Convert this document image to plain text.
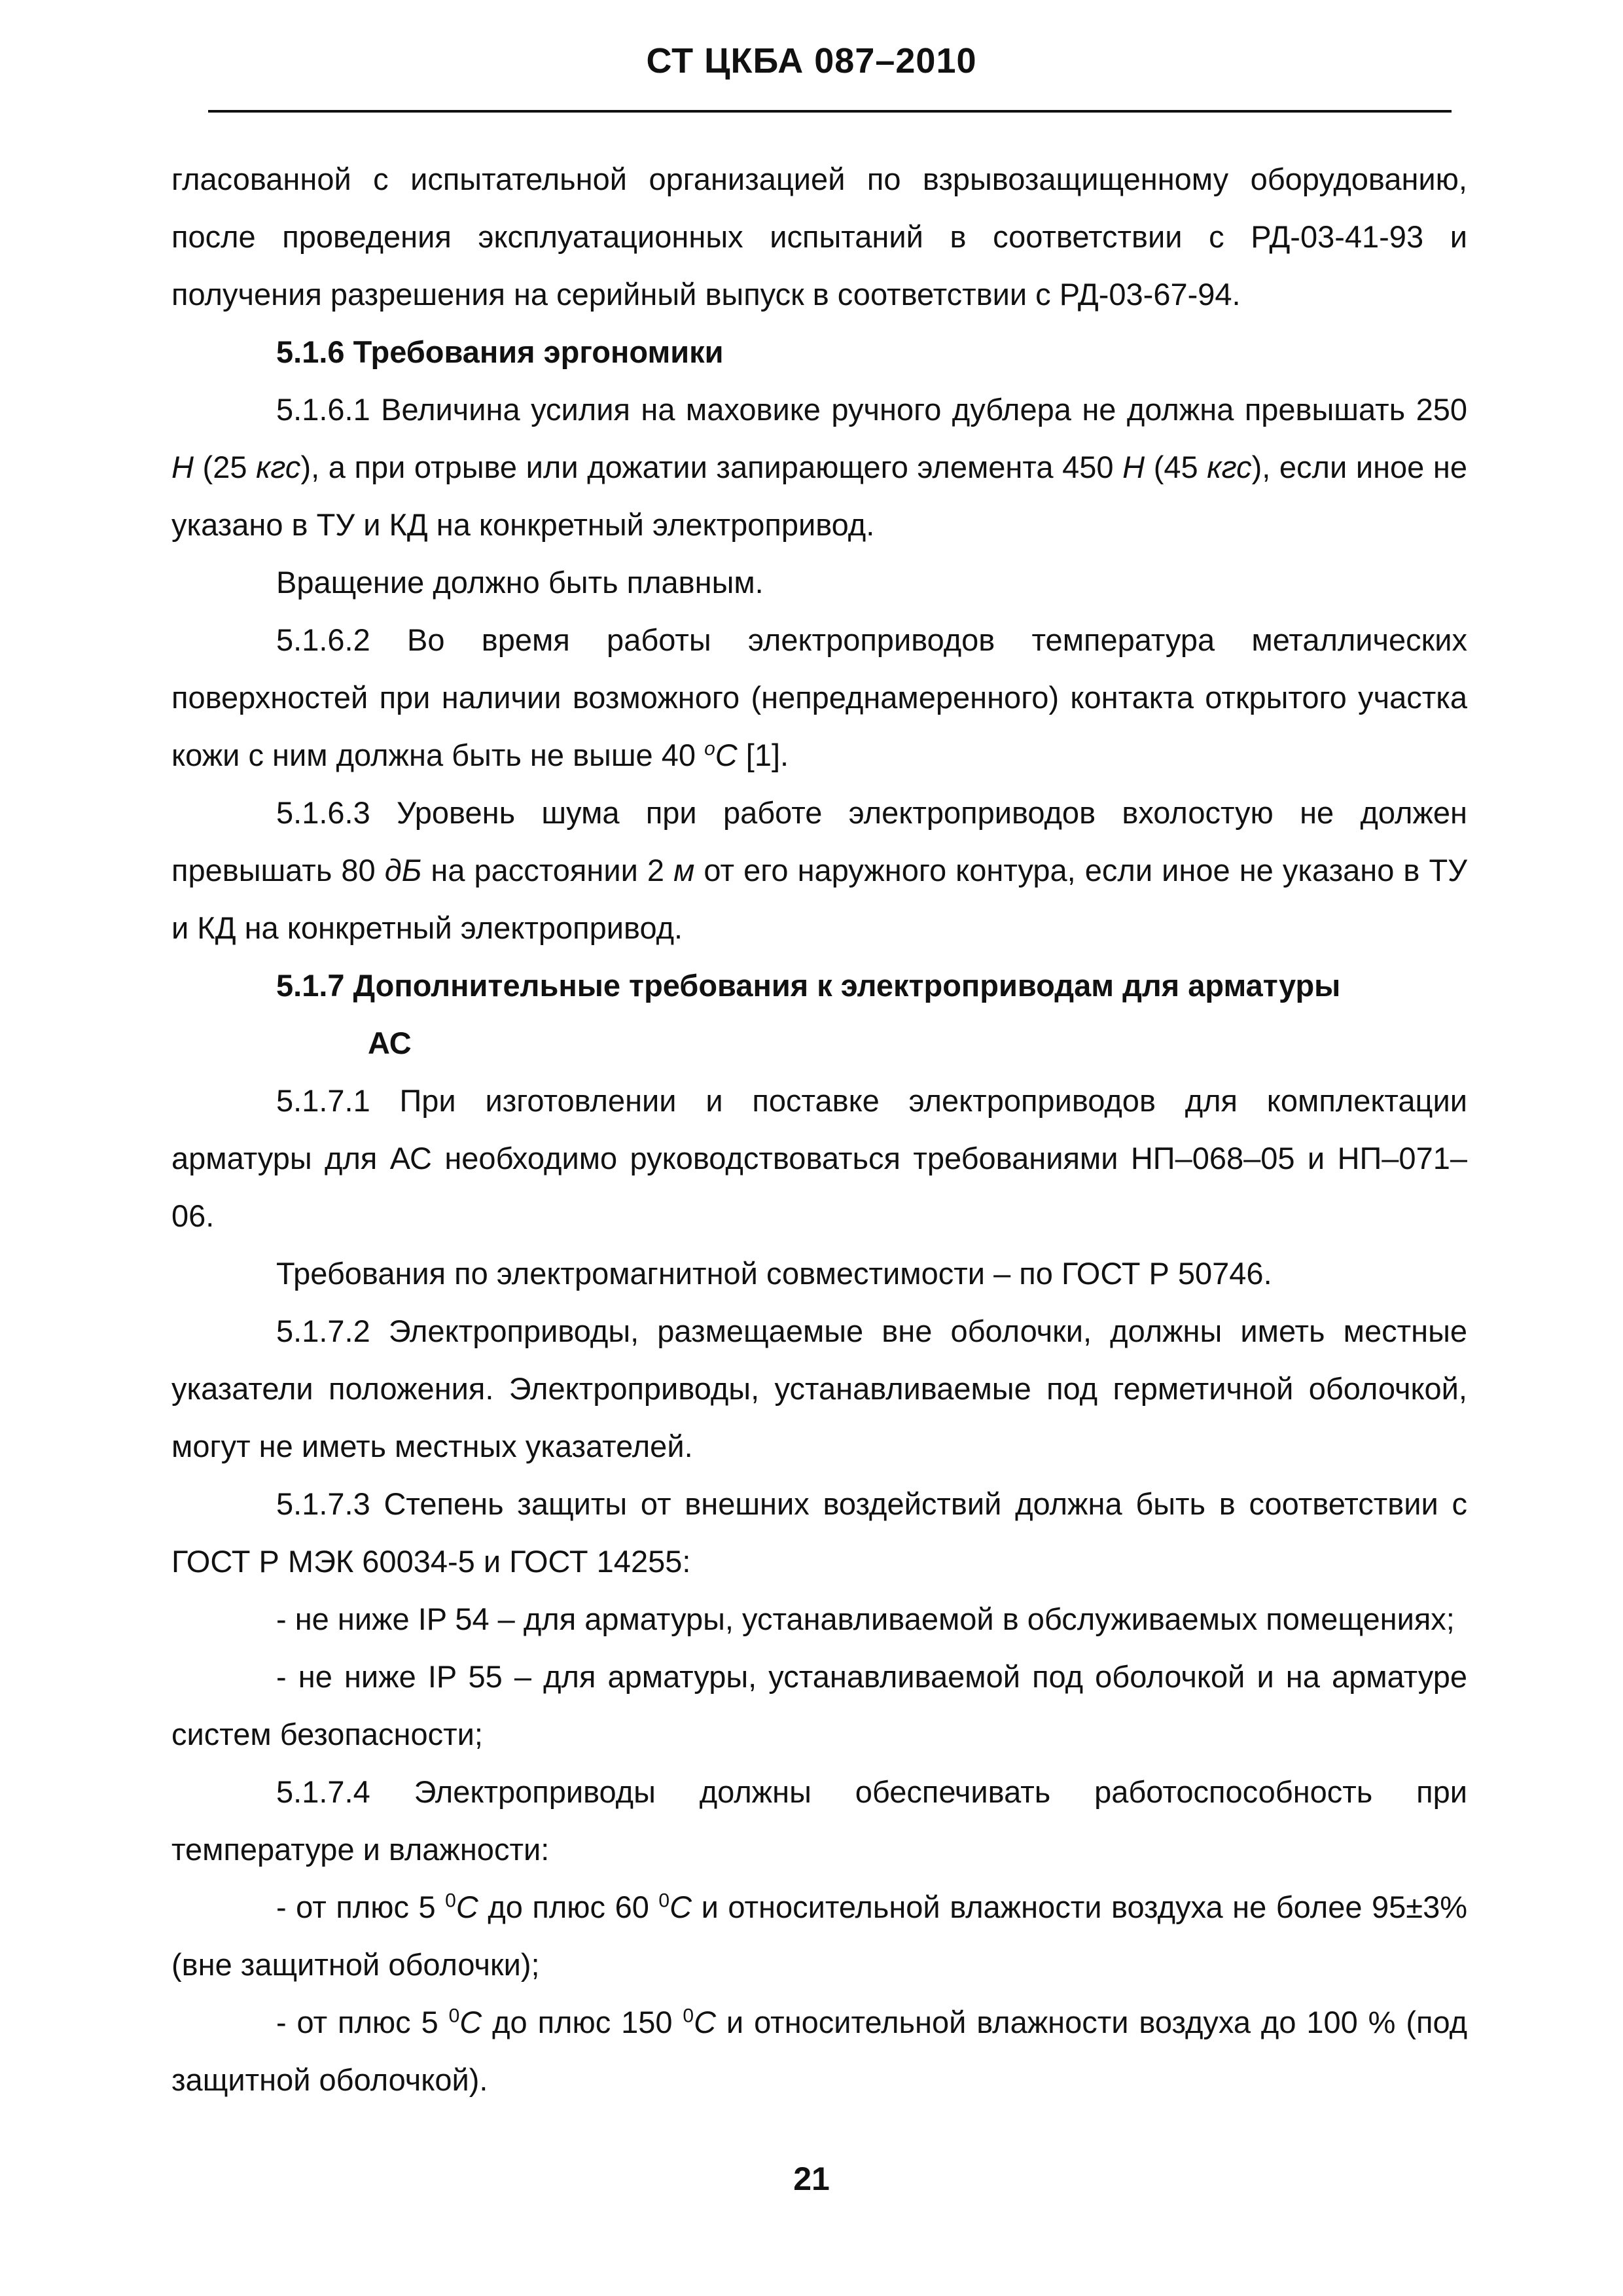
СТ ЦКБА 087–2010

гласованной с испытательной организацией по взрывозащищенному оборудованию, после проведения эксплуатационных испытаний в соответствии с РД-03-41-93 и получения разрешения на серийный выпуск в соответствии с РД-03-67-94.

5.1.6 Требования эргономики

5.1.6.1 Величина усилия на маховике ручного дублера не должна превышать 250 Н (25 кгс), а при отрыве или дожатии запирающего элемента 450 Н (45 кгс), если иное не указано в ТУ и КД на конкретный электропривод.

Вращение должно быть плавным.

5.1.6.2 Во время работы электроприводов температура металлических поверхностей при наличии возможного (непреднамеренного) контакта открытого участка кожи с ним должна быть не выше 40 $^о$С [1].

5.1.6.3 Уровень шума при работе электроприводов вхолостую не должен превышать 80 дБ на расстоянии 2 м от его наружного контура, если иное не указано в ТУ и КД на конкретный электропривод.

5.1.7 Дополнительные требования к электроприводам для арматуры
АС

5.1.7.1 При изготовлении и поставке электроприводов для комплектации арматуры для АС необходимо руководствоваться требованиями НП–068–05 и НП–071–06.

Требования по электромагнитной совместимости – по ГОСТ Р 50746.

5.1.7.2 Электроприводы, размещаемые вне оболочки, должны иметь местные указатели положения. Электроприводы, устанавливаемые под герметичной оболочкой, могут не иметь местных указателей.

5.1.7.3 Степень защиты от внешних воздействий должна быть в соответствии с ГОСТ Р МЭК 60034-5 и ГОСТ 14255:

- не ниже IP 54 – для арматуры, устанавливаемой в обслуживаемых помещениях;

- не ниже IP 55 – для арматуры, устанавливаемой под оболочкой и на арматуре систем безопасности;

5.1.7.4 Электроприводы должны обеспечивать работоспособность при температуре и влажности:

- от плюс 5 $^0$С до плюс 60 $^0$С и относительной влажности воздуха не более 95±3% (вне защитной оболочки);

- от плюс 5 $^0$С до плюс 150 $^0$С и относительной влажности воздуха до 100 % (под защитной оболочкой).

21
